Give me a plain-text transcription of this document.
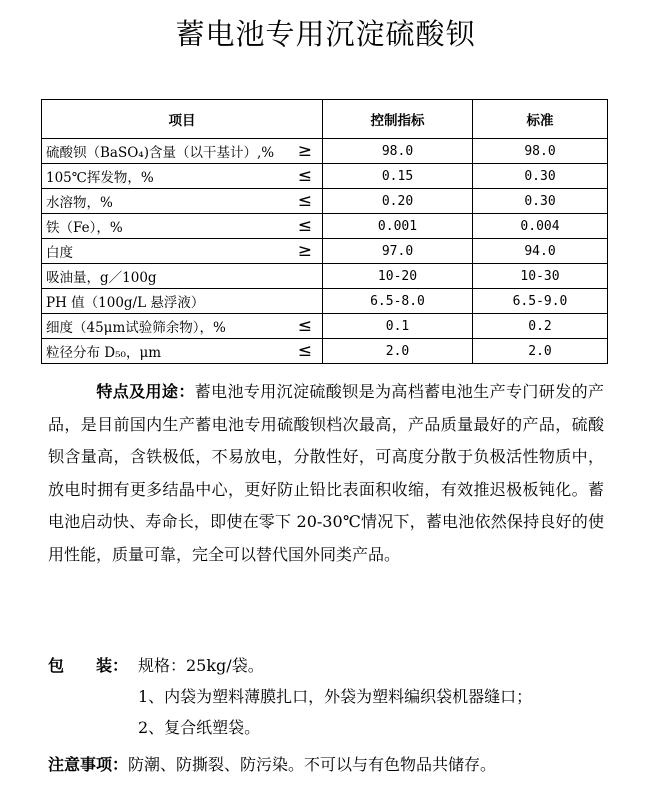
蓄电池专用沉淀硫酸钡
项目	控制指标	标准

硫酸钡（BaSO₄)含量（以干基计）,% ≥	98.0	98.0

105℃挥发物，% ≤	0.15	0.30

水溶物，% ≤	0.20	0.30

铁（Fe），% ≤	0.001	0.004

白度 ≥	97.0	94.0

吸油量，g／100g	10-20	10-30

PH 值（100g/L 悬浮液）	6.5-8.0	6.5-9.0

细度（45μm试验筛余物），% ≤	0.1	0.2

粒径分布 D₅₀，μm ≤	2.0	2.0
特点及用途：蓄电池专用沉淀硫酸钡是为高档蓄电池生产专门研发的产品，是目前国内生产蓄电池专用硫酸钡档次最高，产品质量最好的产品，硫酸钡含量高，含铁极低，不易放电，分散性好，可高度分散于负极活性物质中，放电时拥有更多结晶中心，更好防止铅比表面积收缩，有效推迟极板钝化。蓄电池启动快、寿命长，即使在零下 20-30℃情况下，蓄电池依然保持良好的使用性能，质量可靠，完全可以替代国外同类产品。
包　　装： 规格：25kg/袋。
1、内袋为塑料薄膜扎口，外袋为塑料编织袋机器缝口；
2、复合纸塑袋。
注意事项：防潮、防撕裂、防污染。不可以与有色物品共储存。
